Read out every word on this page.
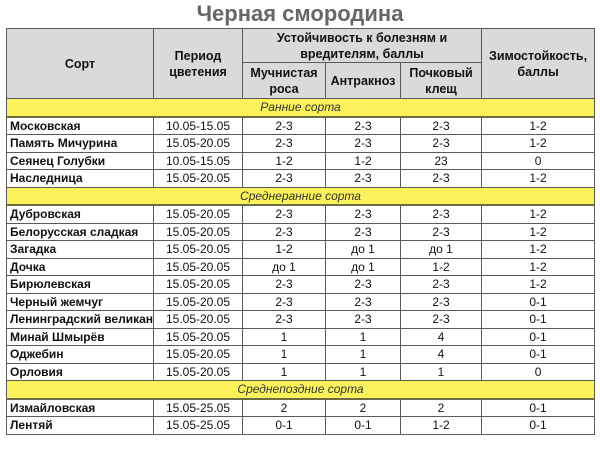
Черная смородина
Сорт	Период цветения	Устойчивость к болезням и вредителям, баллы			Зимостойкость, баллы
		Мучнистая роса	Антракноз	Почковый клещ	
Ранние сорта					
Московская	10.05-15.05	2-3	2-3	2-3	1-2
Память Мичурина	15.05-20.05	2-3	2-3	2-3	1-2
Сеянец Голубки	10.05-15.05	1-2	1-2	23	0
Наследница	15.05-20.05	2-3	2-3	2-3	1-2
Среднеранние сорта					
Дубровская	15.05-20.05	2-3	2-3	2-3	1-2
Белорусская сладкая	15.05-20.05	2-3	2-3	2-3	1-2
Загадка	15.05-20.05	1-2	до 1	до 1	1-2
Дочка	15.05-20.05	до 1	до 1	1-2	1-2
Бирюлевская	15.05-20.05	2-3	2-3	2-3	1-2
Черный жемчуг	15.05-20.05	2-3	2-3	2-3	0-1
Ленинградский великан	15.05-20.05	2-3	2-3	2-3	0-1
Минай Шмырёв	15.05-20.05	1	1	4	0-1
Оджебин	15.05-20.05	1	1	4	0-1
Орловия	15.05-20.05	1	1	1	0
Среднепоздние сорта					
Измайловская	15.05-25.05	2	2	2	0-1
Лентяй	15.05-25.05	0-1	0-1	1-2	0-1
